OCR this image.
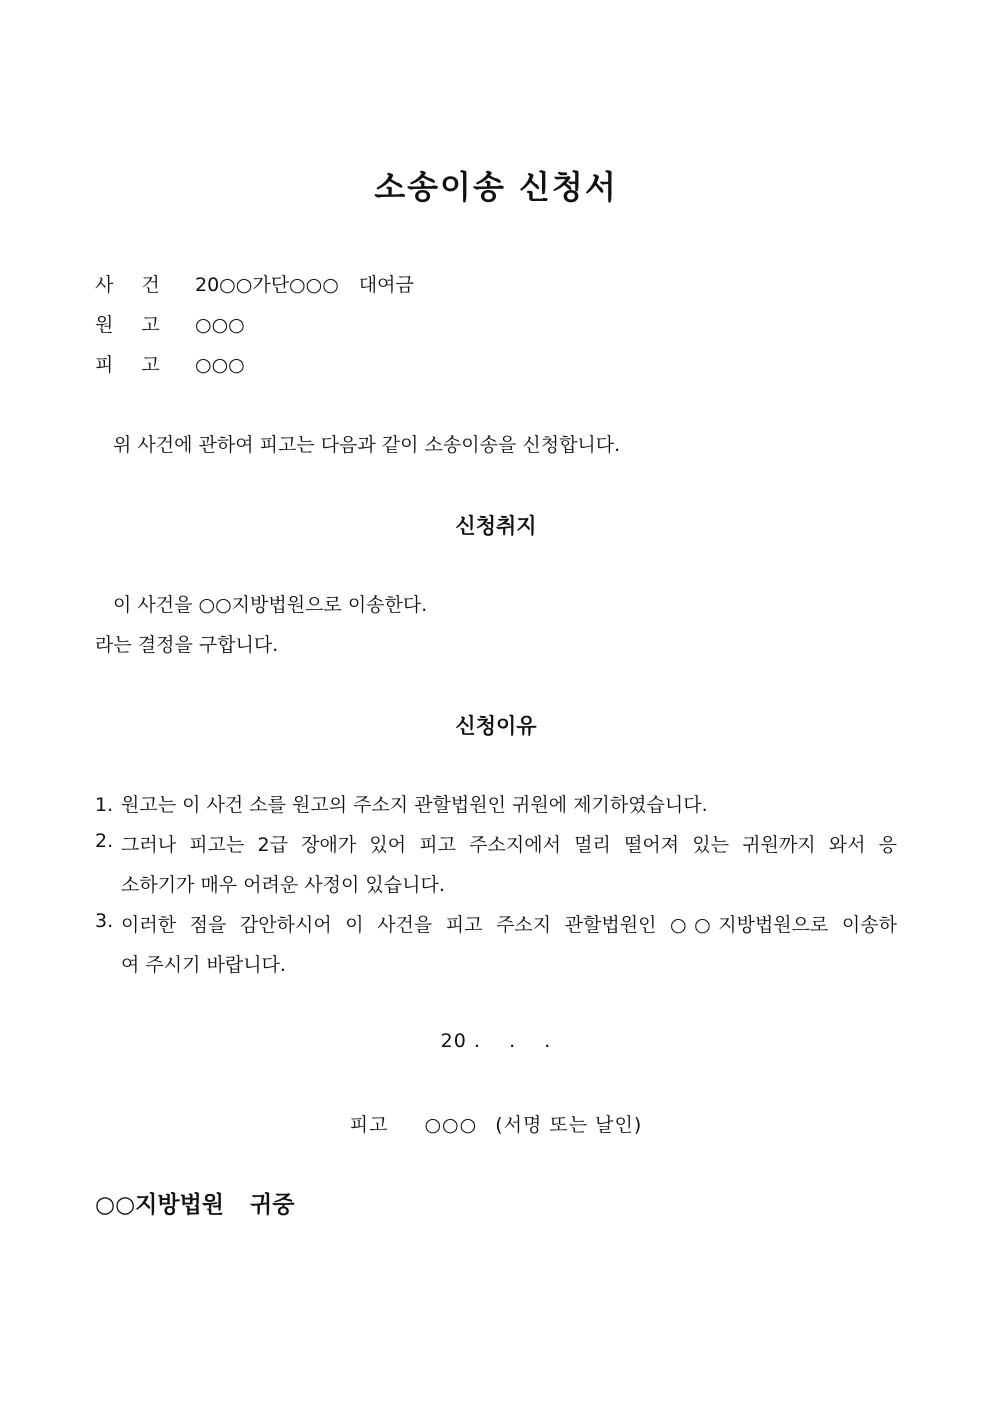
소송이송 신청서
사건 20○○가단○○○ 대여금
원고 ○○○
피고 ○○○
위 사건에 관하여 피고는 다음과 같이 소송이송을 신청합니다.
신청취지
이 사건을 ○○지방법원으로 이송한다.
라는 결정을 구합니다.
신청이유
1. 원고는 이 사건 소를 원고의 주소지 관할법원인 귀원에 제기하였습니다.
2. 그러나 피고는 2급 장애가 있어 피고 주소지에서 멀리 떨어져 있는 귀원까지 와서 응
소하기가 매우 어려운 사정이 있습니다.
3. 이러한 점을 감안하시어 이 사건을 피고 주소지 관할법원인 ○○지방법원으로 이송하
여 주시기 바랍니다.
20 .    .    .
피고 ○○○ (서명 또는 날인)
○○지방법원 귀중
